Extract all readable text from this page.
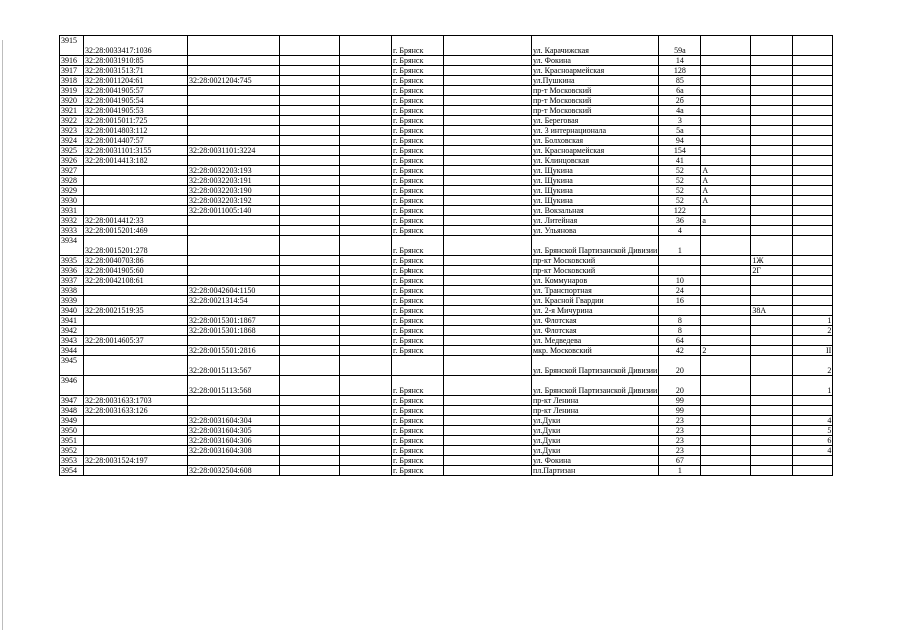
3915	32:28:0033417:1036				г. Брянск		ул. Карачижская	59а			
3916	32:28:0031910:85				г. Брянск		ул. Фокина	14			
3917	32:28:0031513:71				г. Брянск		ул. Красноармейская	128			
3918	32:28:0011204:61	32:28:0021204:745			г. Брянск		ул.Пушкина	85			
3919	32:28:0041905:57				г. Брянск		пр-т Московский	6а			
3920	32:28:0041905:54				г. Брянск		пр-т Московский	2б			
3921	32:28:0041905:53				г. Брянск		пр-т Московский	4а			
3922	32:28:0015011:725				г. Брянск		ул. Береговая	3			
3923	32:28:0014803:112				г. Брянск		ул. 3 интернационала	5а			
3924	32:28:0014407:57				г. Брянск		ул. Болховская	94			
3925	32:28:0031101:3155	32:28:0031101:3224			г. Брянск		ул. Красноармейская	154			
3926	32:28:0014413:182				г. Брянск		ул. Клинцовская	41			
3927		32:28:0032203:193			г. Брянск		ул. Щукина	52	А		
3928		32:28:0032203:191			г. Брянск		ул. Щукина	52	А		
3929		32:28:0032203:190			г. Брянск		ул. Щукина	52	А		
3930		32:28:0032203:192			г. Брянск		ул. Щукина	52	А		
3931		32:28:0011005:140			г. Брянск		ул. Вокзальная	122			
3932	32:28:0014412:33				г. Брянск		ул. Литейная	36	а		
3933	32:28:0015201:469				г. Брянск		ул. Ульянова	4			
3934	32:28:0015201:278				г. Брянск		ул. Брянской Партизанской Дивизии	1			
3935	32:28:0040703:86				г. Брянск		пр-кт Московский			1Ж	
3936	32:28:0041905:60				г. Брянск		пр-кт Московский			2Г	
3937	32:28:0042108:61				г. Брянск		ул. Коммунаров	10			
3938		32:28:0042604:1150			г. Брянск		ул. Транспортная	24			
3939		32:28:0021314:54			г. Брянск		ул. Красной Гвардии	16			
3940	32:28:0021519:35				г. Брянск		ул. 2-я Мичурина			38А	
3941		32:28:0015301:1867			г. Брянск		ул. Флотская	8			1
3942		32:28:0015301:1868			г. Брянск		ул. Флотская	8			2
3943	32:28:0014605:37				г. Брянск		ул. Медведева	64			
3944		32:28:0015501:2816			г. Брянск		мкр. Московский	42	2		II
3945		32:28:0015113:567					ул. Брянской Партизанской Дивизии	20			2
3946		32:28:0015113:568			г. Брянск		ул. Брянской Партизанской Дивизии	20			1
3947	32:28:0031633:1703				г. Брянск		пр-кт Ленина	99			
3948	32:28:0031633:126				г. Брянск		пр-кт Ленина	99			
3949		32:28:0031604:304			г. Брянск		ул.Дуки	23			4
3950		32:28:0031604:305			г. Брянск		ул.Дуки	23			5
3951		32:28:0031604:306			г. Брянск		ул.Дуки	23			6
3952		32:28:0031604:308			г. Брянск		ул.Дуки	23			4
3953	32:28:0031524:197				г. Брянск		ул. Фокина	67			
3954		32:28:0032504:608			г. Брянск		пл.Партизан	1			
